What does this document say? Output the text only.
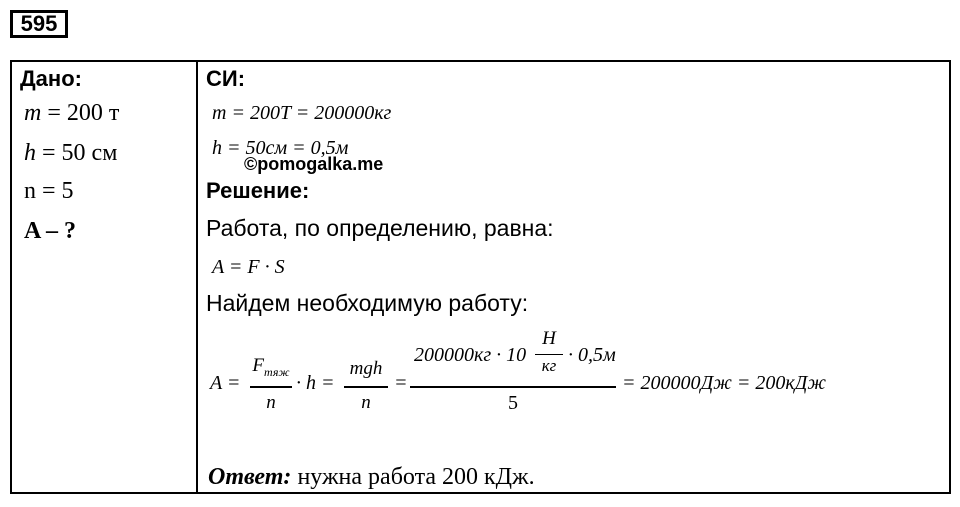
595
Дано:
m = 200 т
h = 50 см
n = 5
A – ?
СИ:
m = 200T = 200000кг
h = 50см = 0,5м
©pomogalka.me
Решение:
Работа, по определению, равна:
A = F · S
Найдем необходимую работу:
A =
$F_{тяж}$
n
· h =
mgh
n
=
200000кг · 10
Н
кг · 0,5м
5
= 200000Дж = 200кДж
Ответ: нужна работа 200 кДж.
